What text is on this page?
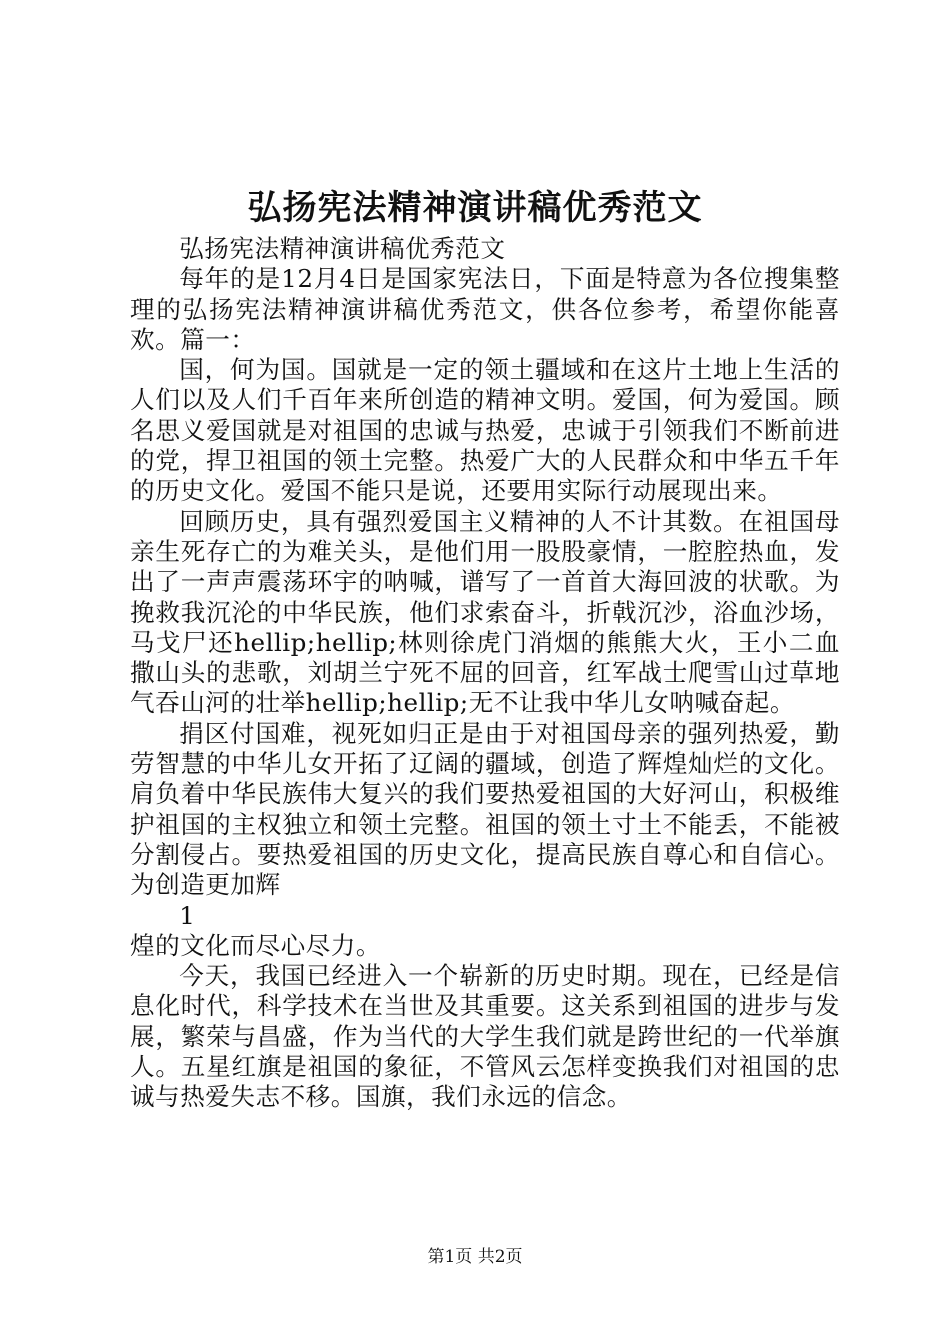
弘扬宪法精神演讲稿优秀范文

弘扬宪法精神演讲稿优秀范文

每年的是12月4日是国家宪法日，下面是特意为各位搜集整理的弘扬宪法精神演讲稿优秀范文，供各位参考，希望你能喜欢。篇一：

国，何为国。国就是一定的领土疆域和在这片土地上生活的人们以及人们千百年来所创造的精神文明。爱国，何为爱国。顾名思义爱国就是对祖国的忠诚与热爱，忠诚于引领我们不断前进的党，捍卫祖国的领土完整。热爱广大的人民群众和中华五千年的历史文化。爱国不能只是说，还要用实际行动展现出来。

回顾历史，具有强烈爱国主义精神的人不计其数。在祖国母亲生死存亡的为难关头，是他们用一股股豪情，一腔腔热血，发出了一声声震荡环宇的呐喊，谱写了一首首大海回波的状歌。为挽救我沉沦的中华民族，他们求索奋斗，折戟沉沙，浴血沙场，马戈尸还hellip;hellip;林则徐虎门消烟的熊熊大火，王小二血撒山头的悲歌，刘胡兰宁死不屈的回音，红军战士爬雪山过草地气吞山河的壮举hellip;hellip;无不让我中华儿女呐喊奋起。

捐区付国难，视死如归正是由于对祖国母亲的强列热爱，勤劳智慧的中华儿女开拓了辽阔的疆域，创造了辉煌灿烂的文化。肩负着中华民族伟大复兴的我们要热爱祖国的大好河山，积极维护祖国的主权独立和领土完整。祖国的领土寸土不能丢，不能被分割侵占。要热爱祖国的历史文化，提高民族自尊心和自信心。为创造更加辉

1

煌的文化而尽心尽力。

今天，我国已经进入一个崭新的历史时期。现在，已经是信息化时代，科学技术在当世及其重要。这关系到祖国的进步与发展，繁荣与昌盛，作为当代的大学生我们就是跨世纪的一代举旗人。五星红旗是祖国的象征，不管风云怎样变换我们对祖国的忠诚与热爱失志不移。国旗，我们永远的信念。

第1页 共2页
